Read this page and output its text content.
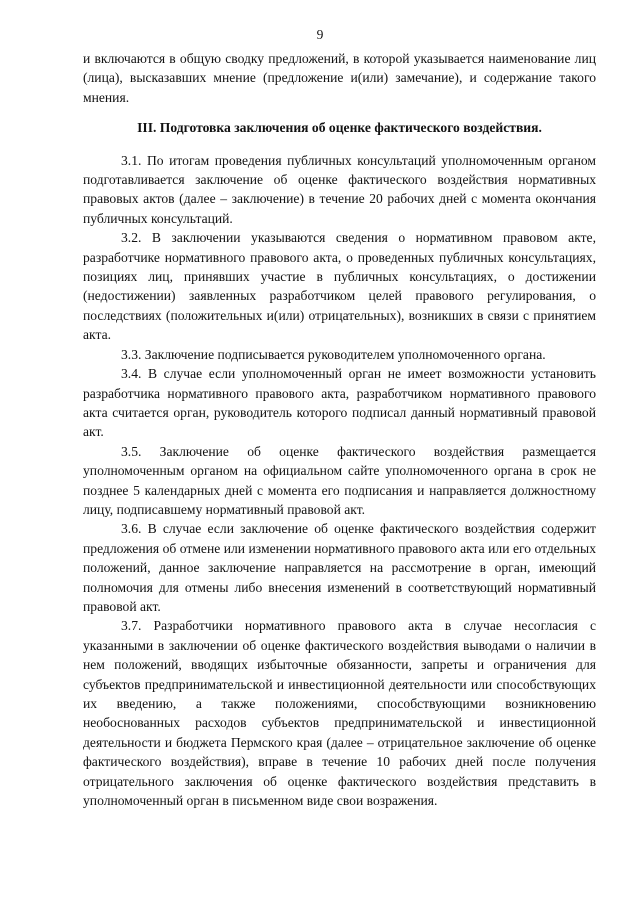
9

и включаются в общую сводку предложений, в которой указывается наименование лиц (лица), высказавших мнение (предложение и(или) замечание), и содержание такого мнения.

III. Подготовка заключения об оценке фактического воздействия.

3.1. По итогам проведения публичных консультаций уполномоченным органом подготавливается заключение об оценке фактического воздействия нормативных правовых актов (далее – заключение) в течение 20 рабочих дней с момента окончания публичных консультаций.

3.2. В заключении указываются сведения о нормативном правовом акте, разработчике нормативного правового акта, о проведенных публичных консультациях, позициях лиц, принявших участие в публичных консультациях, о достижении (недостижении) заявленных разработчиком целей правового регулирования, о последствиях (положительных и(или) отрицательных), возникших в связи с принятием акта.

3.3. Заключение подписывается руководителем уполномоченного органа.

3.4. В случае если уполномоченный орган не имеет возможности установить разработчика нормативного правового акта, разработчиком нормативного правового акта считается орган, руководитель которого подписал данный нормативный правовой акт.

3.5. Заключение об оценке фактического воздействия размещается уполномоченным органом на официальном сайте уполномоченного органа в срок не позднее 5 календарных дней с момента его подписания и направляется должностному лицу, подписавшему нормативный правовой акт.

3.6. В случае если заключение об оценке фактического воздействия содержит предложения об отмене или изменении нормативного правового акта или его отдельных положений, данное заключение направляется на рассмотрение в орган, имеющий полномочия для отмены либо внесения изменений в соответствующий нормативный правовой акт.

3.7. Разработчики нормативного правового акта в случае несогласия с указанными в заключении об оценке фактического воздействия выводами о наличии в нем положений, вводящих избыточные обязанности, запреты и ограничения для субъектов предпринимательской и инвестиционной деятельности или способствующих их введению, а также положениями, способствующими возникновению необоснованных расходов субъектов предпринимательской и инвестиционной деятельности и бюджета Пермского края (далее – отрицательное заключение об оценке фактического воздействия), вправе в течение 10 рабочих дней после получения отрицательного заключения об оценке фактического воздействия представить в уполномоченный орган в письменном виде свои возражения.
